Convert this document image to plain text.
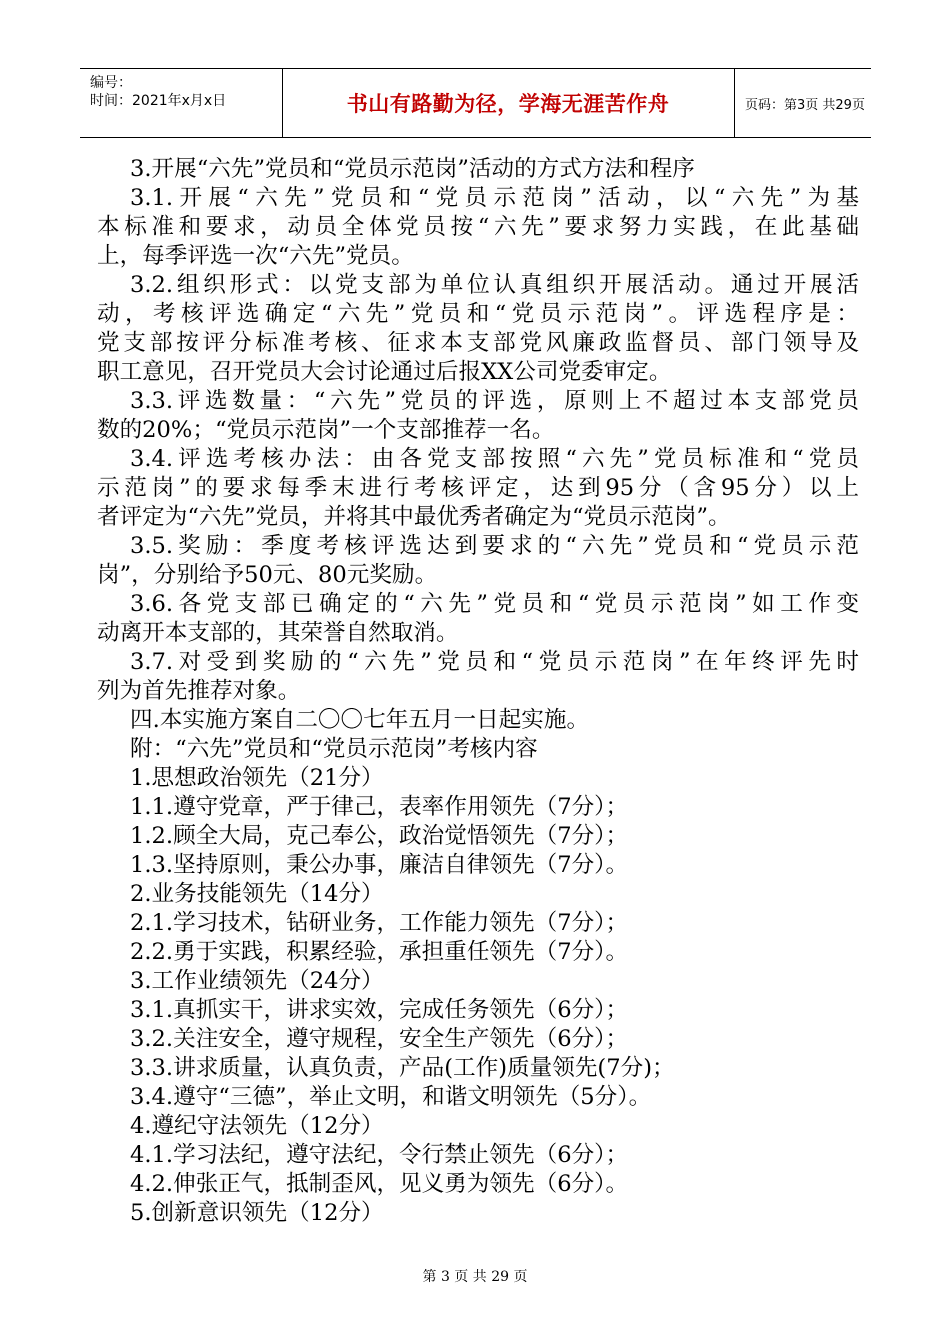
编号：
时间：2021年x月x日	书山有路勤为径，学海无涯苦作舟	页码：第3页 共29页
3.开展“六先”党员和“党员示范岗”活动的方式方法和程序
3.1.开展“六先”党员和“党员示范岗”活动，以“六先”为基
本标准和要求，动员全体党员按“六先”要求努力实践，在此基础
上，每季评选一次“六先”党员。
3.2.组织形式：以党支部为单位认真组织开展活动。通过开展活
动，考核评选确定“六先”党员和“党员示范岗”。评选程序是：
党支部按评分标准考核、征求本支部党风廉政监督员、部门领导及
职工意见，召开党员大会讨论通过后报XX公司党委审定。
3.3.评选数量：“六先”党员的评选，原则上不超过本支部党员
数的20%；“党员示范岗”一个支部推荐一名。
3.4.评选考核办法：由各党支部按照“六先”党员标准和“党员
示范岗”的要求每季末进行考核评定，达到95分（含95分）以上
者评定为“六先”党员，并将其中最优秀者确定为“党员示范岗”。
3.5.奖励：季度考核评选达到要求的“六先”党员和“党员示范
岗”，分别给予50元、80元奖励。
3.6.各党支部已确定的“六先”党员和“党员示范岗”如工作变
动离开本支部的，其荣誉自然取消。
3.7.对受到奖励的“六先”党员和“党员示范岗”在年终评先时
列为首先推荐对象。
四.本实施方案自二〇〇七年五月一日起实施。
附：“六先”党员和“党员示范岗”考核内容
1.思想政治领先（21分）
1.1.遵守党章，严于律己，表率作用领先（7分）；
1.2.顾全大局，克己奉公，政治觉悟领先（7分）；
1.3.坚持原则，秉公办事，廉洁自律领先（7分）。
2.业务技能领先（14分）
2.1.学习技术，钻研业务，工作能力领先（7分）；
2.2.勇于实践，积累经验，承担重任领先（7分）。
3.工作业绩领先（24分）
3.1.真抓实干，讲求实效，完成任务领先（6分）；
3.2.关注安全，遵守规程，安全生产领先（6分）；
3.3.讲求质量，认真负责，产品(工作)质量领先(7分)；
3.4.遵守“三德”，举止文明，和谐文明领先（5分）。
4.遵纪守法领先（12分）
4.1.学习法纪，遵守法纪，令行禁止领先（6分）；
4.2.伸张正气，抵制歪风，见义勇为领先（6分）。
5.创新意识领先（12分）
第 3 页 共 29 页
